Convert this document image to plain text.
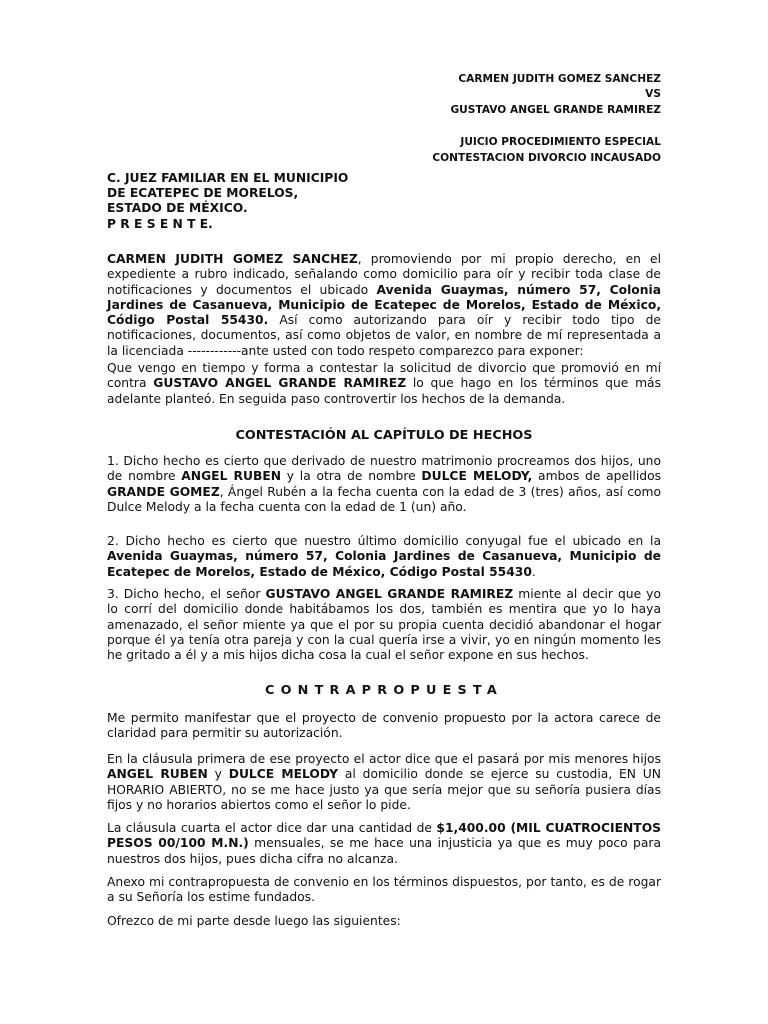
CARMEN JUDITH GOMEZ SANCHEZ
VS
GUSTAVO ANGEL GRANDE RAMIREZ
JUICIO PROCEDIMIENTO ESPECIAL
CONTESTACION DIVORCIO INCAUSADO
C. JUEZ FAMILIAR EN EL MUNICIPIO
DE ECATEPEC DE MORELOS,
ESTADO DE MÉXICO.
P R E S E N T E.

CARMEN JUDITH GOMEZ SANCHEZ, promoviendo por mi propio derecho, en el expediente a rubro indicado, señalando como domicilio para oír y recibir toda clase de notificaciones y documentos el ubicado Avenida Guaymas, número 57, Colonia Jardines de Casanueva, Municipio de Ecatepec de Morelos, Estado de México, Código Postal 55430. Así como autorizando para oír y recibir todo tipo de notificaciones, documentos, así como objetos de valor, en nombre de mí representada a la licenciada ------------ante usted con todo respeto comparezco para exponer:

Que vengo en tiempo y forma a contestar la solicitud de divorcio que promovió en mí contra GUSTAVO ANGEL GRANDE RAMIREZ lo que hago en los términos que más adelante planteó. En seguida paso controvertir los hechos de la demanda.

CONTESTACIÓN AL CAPÍTULO DE HECHOS

1. Dicho hecho es cierto que derivado de nuestro matrimonio procreamos dos hijos, uno de nombre ANGEL RUBEN y la otra de nombre DULCE MELODY, ambos de apellidos GRANDE GOMEZ, Ángel Rubén a la fecha cuenta con la edad de 3 (tres) años, así como Dulce Melody a la fecha cuenta con la edad de 1 (un) año.

2. Dicho hecho es cierto que nuestro último domicilio conyugal fue el ubicado en la Avenida Guaymas, número 57, Colonia Jardines de Casanueva, Municipio de Ecatepec de Morelos, Estado de México, Código Postal 55430.

3. Dicho hecho, el señor GUSTAVO ANGEL GRANDE RAMIREZ miente al decir que yo lo corrí del domicilio donde habitábamos los dos, también es mentira que yo lo haya amenazado, el señor miente ya que el por su propia cuenta decidió abandonar el hogar porque él ya tenía otra pareja y con la cual quería irse a vivir, yo en ningún momento les he gritado a él y a mis hijos dicha cosa la cual el señor expone en sus hechos.

CONTRAPROPUESTA

Me permito manifestar que el proyecto de convenio propuesto por la actora carece de claridad para permitir su autorización.

En la cláusula primera de ese proyecto el actor dice que el pasará por mis menores hijos ANGEL RUBEN y DULCE MELODY al domicilio donde se ejerce su custodia, EN UN HORARIO ABIERTO, no se me hace justo ya que sería mejor que su señoría pusiera días fijos y no horarios abiertos como el señor lo pide.

La cláusula cuarta el actor dice dar una cantidad de $1,400.00 (MIL CUATROCIENTOS PESOS 00/100 M.N.) mensuales, se me hace una injusticia ya que es muy poco para nuestros dos hijos, pues dicha cifra no alcanza.

Anexo mi contrapropuesta de convenio en los términos dispuestos, por tanto, es de rogar a su Señoría los estime fundados.

Ofrezco de mi parte desde luego las siguientes:
